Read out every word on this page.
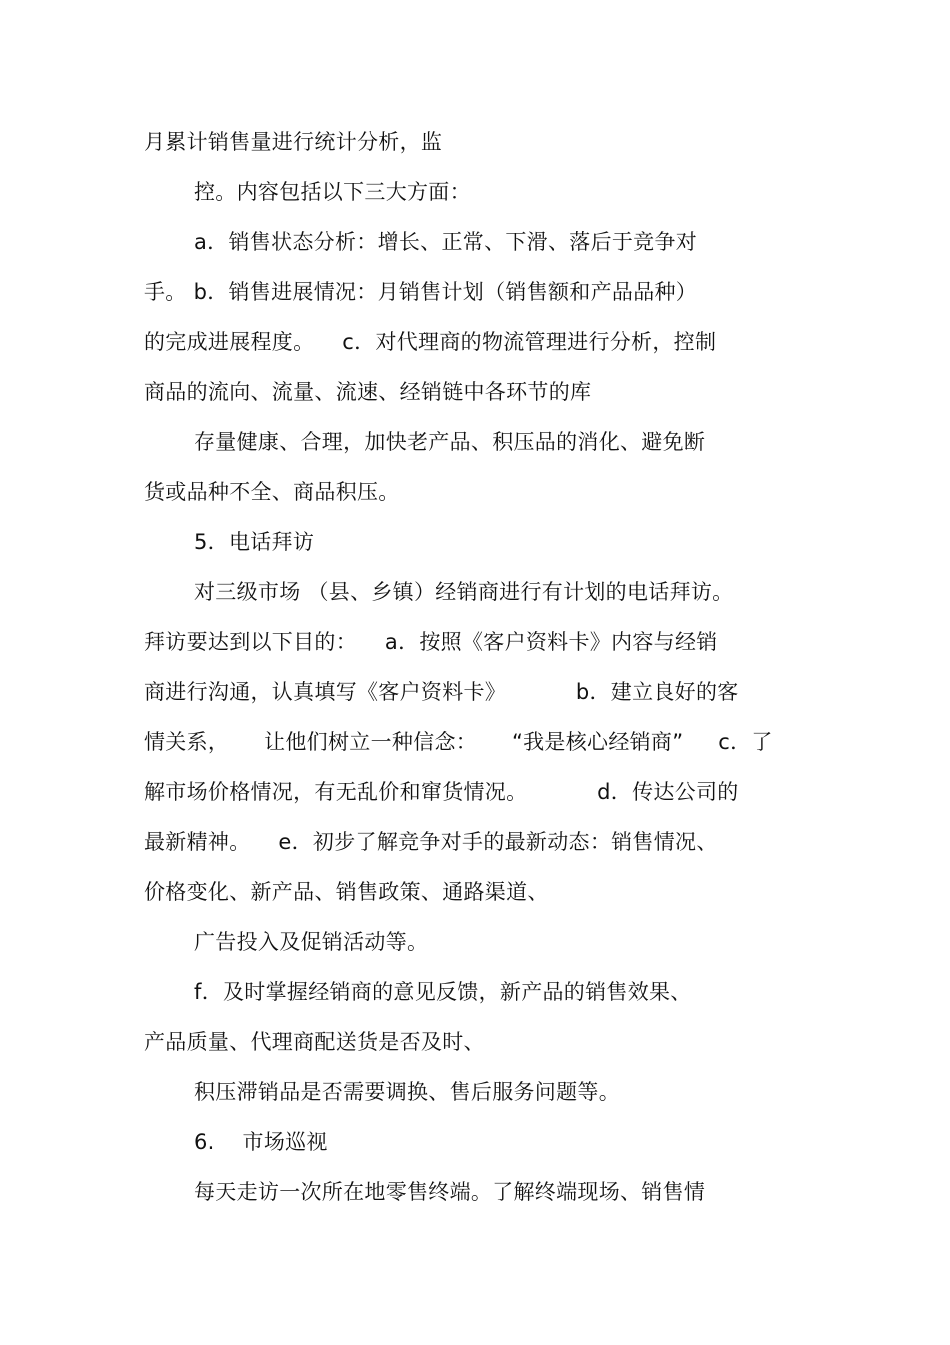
月累计销售量进行统计分析，监
控。内容包括以下三大方面：
a．销售状态分析：增长、正常、下滑、落后于竞争对
手。 b．销售进展情况：月销售计划（销售额和产品品种）
的完成进展程度。    c．对代理商的物流管理进行分析，控制
商品的流向、流量、流速、经销链中各环节的库
存量健康、合理，加快老产品、积压品的消化、避免断
货或品种不全、商品积压。
5．电话拜访
对三级市场 （县、乡镇）经销商进行有计划的电话拜访。
拜访要达到以下目的：    a．按照《客户资料卡》内容与经销
商进行沟通，认真填写《客户资料卡》          b．建立良好的客
情关系，     让他们树立一种信念：     “我是核心经销商”     c．了
解市场价格情况，有无乱价和窜货情况。          d．传达公司的
最新精神。    e．初步了解竞争对手的最新动态：销售情况、
价格变化、新产品、销售政策、通路渠道、
广告投入及促销活动等。
f．及时掌握经销商的意见反馈，新产品的销售效果、
产品质量、代理商配送货是否及时、
积压滞销品是否需要调换、售后服务问题等。
6.    市场巡视
每天走访一次所在地零售终端。了解终端现场、销售情
